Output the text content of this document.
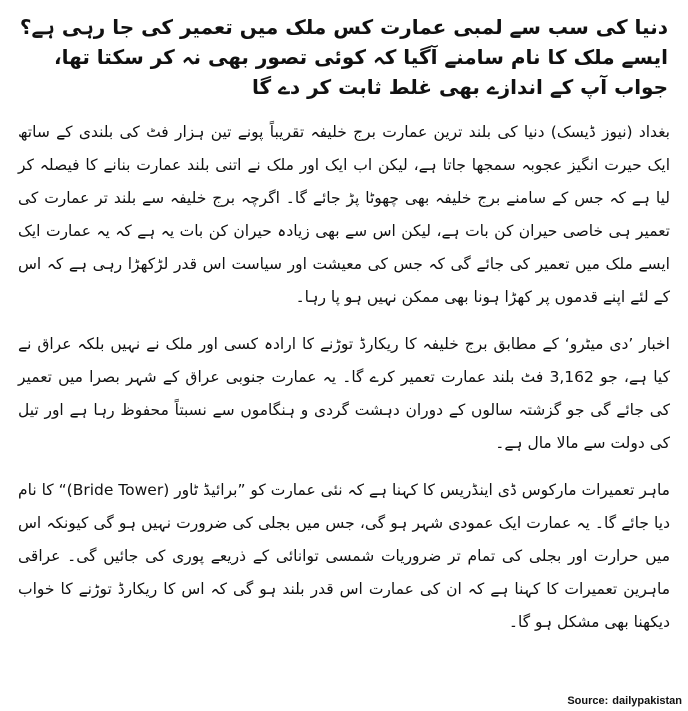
دنیا کی سب سے لمبی عمارت کس ملک میں تعمیر کی جا رہی ہے؟ ایسے ملک کا نام سامنے آگیا کہ کوئی تصور بھی نہ کر سکتا تھا، جواب آپ کے اندازے بھی غلط ثابت کر دے گا

بغداد (نیوز ڈیسک) دنیا کی بلند ترین عمارت برج خلیفہ تقریباً پونے تین ہزار فٹ کی بلندی کے ساتھ ایک حیرت انگیز عجوبہ سمجھا جاتا ہے، لیکن اب ایک اور ملک نے اتنی بلند عمارت بنانے کا فیصلہ کر لیا ہے کہ جس کے سامنے برج خلیفہ بھی چھوٹا پڑ جائے گا۔ اگرچہ برج خلیفہ سے بلند تر عمارت کی تعمیر ہی خاصی حیران کن بات ہے، لیکن اس سے بھی زیادہ حیران کن بات یہ ہے کہ یہ عمارت ایک ایسے ملک میں تعمیر کی جائے گی کہ جس کی معیشت اور سیاست اس قدر لڑکھڑا رہی ہے کہ اس کے لئے اپنے قدموں پر کھڑا ہونا بھی ممکن نہیں ہو پا رہا۔

اخبار ’دی میٹرو‘ کے مطابق برج خلیفہ کا ریکارڈ توڑنے کا ارادہ کسی اور ملک نے نہیں بلکہ عراق نے کیا ہے، جو 3,162 فٹ بلند عمارت تعمیر کرے گا۔ یہ عمارت جنوبی عراق کے شہر بصرا میں تعمیر کی جائے گی جو گزشتہ سالوں کے دوران دہشت گردی و ہنگاموں سے نسبتاً محفوظ رہا ہے اور تیل کی دولت سے مالا مال ہے۔

ماہر تعمیرات مارکوس ڈی اینڈریس کا کہنا ہے کہ نئی عمارت کو ”برائیڈ ٹاور (Bride Tower)“ کا نام دیا جائے گا۔ یہ عمارت ایک عمودی شہر ہو گی، جس میں بجلی کی ضرورت نہیں ہو گی کیونکہ اس میں حرارت اور بجلی کی تمام تر ضروریات شمسی توانائی کے ذریعے پوری کی جائیں گی۔ عراقی ماہرین تعمیرات کا کہنا ہے کہ ان کی عمارت اس قدر بلند ہو گی کہ اس کا ریکارڈ توڑنے کا خواب دیکھنا بھی مشکل ہو گا۔

Source: dailypakistan
